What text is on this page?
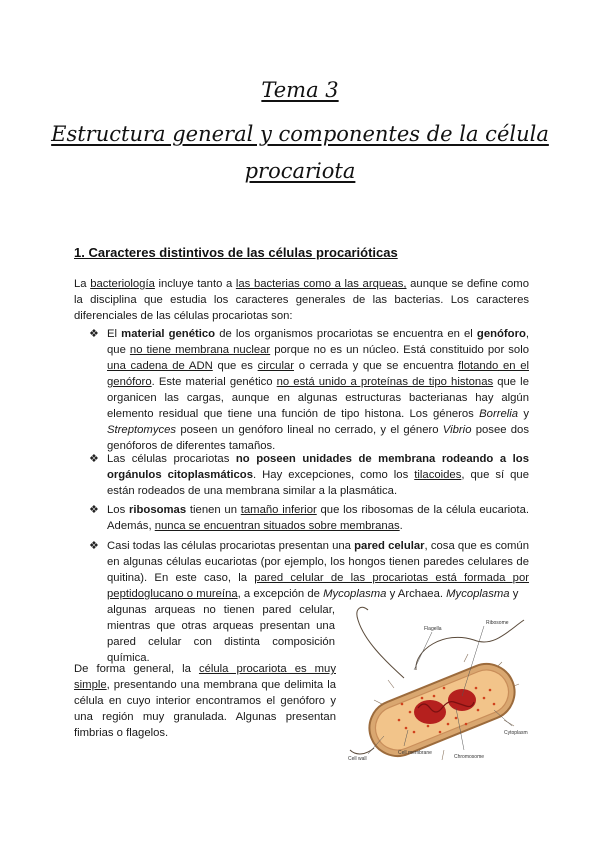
Tema 3
Estructura general y componentes de la célula
procariota
1. Caracteres distintivos de las células procarióticas
La bacteriología incluye tanto a las bacterias como a las arqueas, aunque se define como la disciplina que estudia los caracteres generales de las bacterias. Los caracteres diferenciales de las células procariotas son:
❖ El material genético de los organismos procariotas se encuentra en el genóforo, que no tiene membrana nuclear porque no es un núcleo. Está constituido por solo una cadena de ADN que es circular o cerrada y que se encuentra flotando en el genóforo. Este material genético no está unido a proteínas de tipo histonas que le organicen las cargas, aunque en algunas estructuras bacterianas hay algún elemento residual que tiene una función de tipo histona. Los géneros Borrelia y Streptomyces poseen un genóforo lineal no cerrado, y el género Vibrio posee dos genóforos de diferentes tamaños.
❖ Las células procariotas no poseen unidades de membrana rodeando a los orgánulos citoplasmáticos. Hay excepciones, como los tilacoides, que sí que están rodeados de una membrana similar a la plasmática.
❖ Los ribosomas tienen un tamaño inferior que los ribosomas de la célula eucariota. Además, nunca se encuentran situados sobre membranas.
❖ Casi todas las células procariotas presentan una pared celular, cosa que es común en algunas células eucariotas (por ejemplo, los hongos tienen paredes celulares de quitina). En este caso, la pared celular de las procariotas está formada por peptidoglucano o mureína, a excepción de Mycoplasma y Archaea. Mycoplasma y
algunas arqueas no tienen pared celular, mientras que otras arqueas presentan una pared celular con distinta composición química.
De forma general, la célula procariota es muy simple, presentando una membrana que delimita la célula en cuyo interior encontramos el genóforo y una región muy granulada. Algunas presentan fimbrias o flagelos.
Ribosome
Flagella
Cytoplasm
Chromosome
Cell membrane
Cell wall
